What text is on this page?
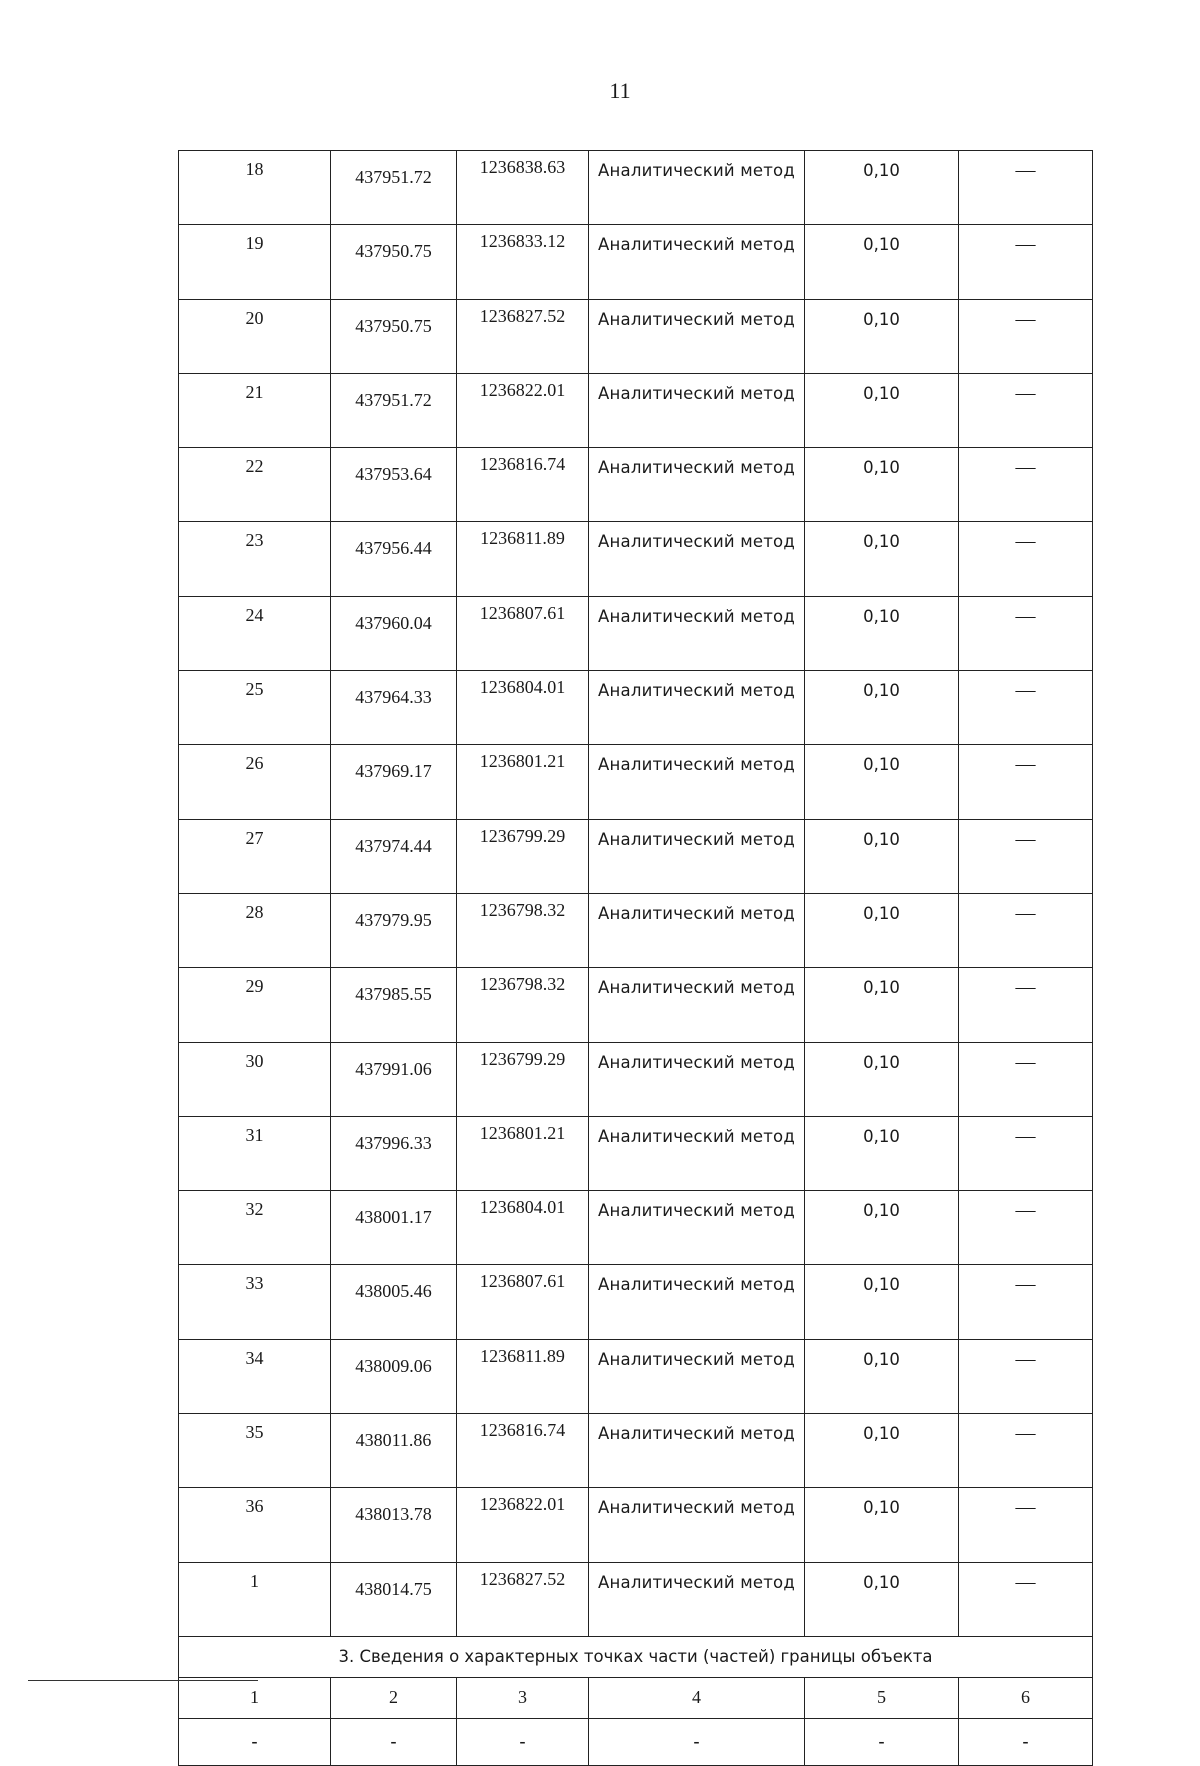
11
18	437951.72	1236838.63	Аналитический метод	0,10	—
19	437950.75	1236833.12	Аналитический метод	0,10	—
20	437950.75	1236827.52	Аналитический метод	0,10	—
21	437951.72	1236822.01	Аналитический метод	0,10	—
22	437953.64	1236816.74	Аналитический метод	0,10	—
23	437956.44	1236811.89	Аналитический метод	0,10	—
24	437960.04	1236807.61	Аналитический метод	0,10	—
25	437964.33	1236804.01	Аналитический метод	0,10	—
26	437969.17	1236801.21	Аналитический метод	0,10	—
27	437974.44	1236799.29	Аналитический метод	0,10	—
28	437979.95	1236798.32	Аналитический метод	0,10	—
29	437985.55	1236798.32	Аналитический метод	0,10	—
30	437991.06	1236799.29	Аналитический метод	0,10	—
31	437996.33	1236801.21	Аналитический метод	0,10	—
32	438001.17	1236804.01	Аналитический метод	0,10	—
33	438005.46	1236807.61	Аналитический метод	0,10	—
34	438009.06	1236811.89	Аналитический метод	0,10	—
35	438011.86	1236816.74	Аналитический метод	0,10	—
36	438013.78	1236822.01	Аналитический метод	0,10	—
1	438014.75	1236827.52	Аналитический метод	0,10	—
3. Сведения о характерных точках части (частей) границы объекта					
1	2	3	4	5	6
-	-	-	-	-	-
